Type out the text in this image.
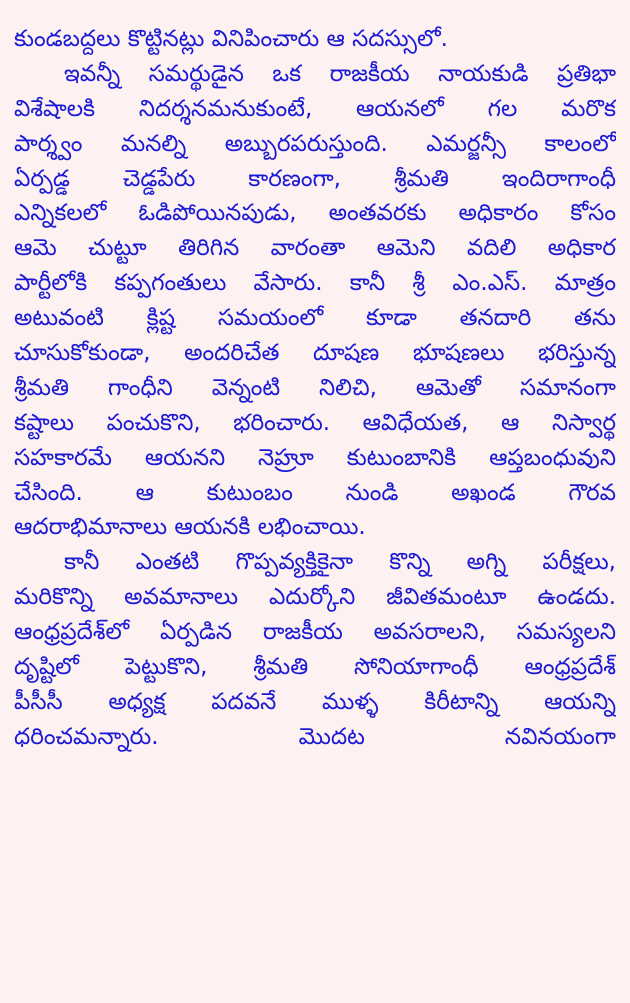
కుండబద్దలు కొట్టినట్లు వినిపించారు ఆ సదస్సులో.
ఇవన్నీ సమర్థుడైన ఒక రాజకీయ నాయకుడి ప్రతిభా
విశేషాలకి నిదర్శనమనుకుంటే, ఆయనలో గల మరొక
పార్శ్వం మనల్ని అబ్బురపరుస్తుంది. ఎమర్జన్సీ కాలంలో
ఏర్పడ్డ చెడ్డపేరు కారణంగా, శ్రీమతి ఇందిరాగాంధీ
ఎన్నికలలో ఓడిపోయినపుడు, అంతవరకు అధికారం కోసం
ఆమె చుట్టూ తిరిగిన వారంతా ఆమెని వదిలి అధికార
పార్టీలోకి కప్పగంతులు వేసారు. కానీ శ్రీ ఎం.ఎస్. మాత్రం
అటువంటి క్లిష్ట సమయంలో కూడా తనదారి తను
చూసుకోకుండా, అందరిచేత దూషణ భూషణలు భరిస్తున్న
శ్రీమతి గాంధీని వెన్నంటి నిలిచి, ఆమెతో సమానంగా
కష్టాలు పంచుకొని, భరించారు. ఆవిధేయత, ఆ నిస్వార్థ
సహకారమే ఆయనని నెహ్రూ కుటుంబానికి ఆప్తబంధువుని
చేసింది. ఆ కుటుంబం నుండి అఖండ గౌరవ
ఆదరాభిమానాలు ఆయనకి లభించాయి.
కానీ ఎంతటి గొప్పవ్యక్తికైనా కొన్ని అగ్ని పరీక్షలు,
మరికొన్ని అవమానాలు ఎదుర్కోని జీవితమంటూ ఉండదు.
ఆంధ్రప్రదేశ్‌లో ఏర్పడిన రాజకీయ అవసరాలని, సమస్యలని
దృష్టిలో పెట్టుకొని, శ్రీమతి సోనియాగాంధీ ఆంధ్రప్రదేశ్
పీసీసీ అధ్యక్ష పదవనే ముళ్ళ కిరీటాన్ని ఆయన్ని
ధరించమన్నారు. మొదట నవినయంగా
